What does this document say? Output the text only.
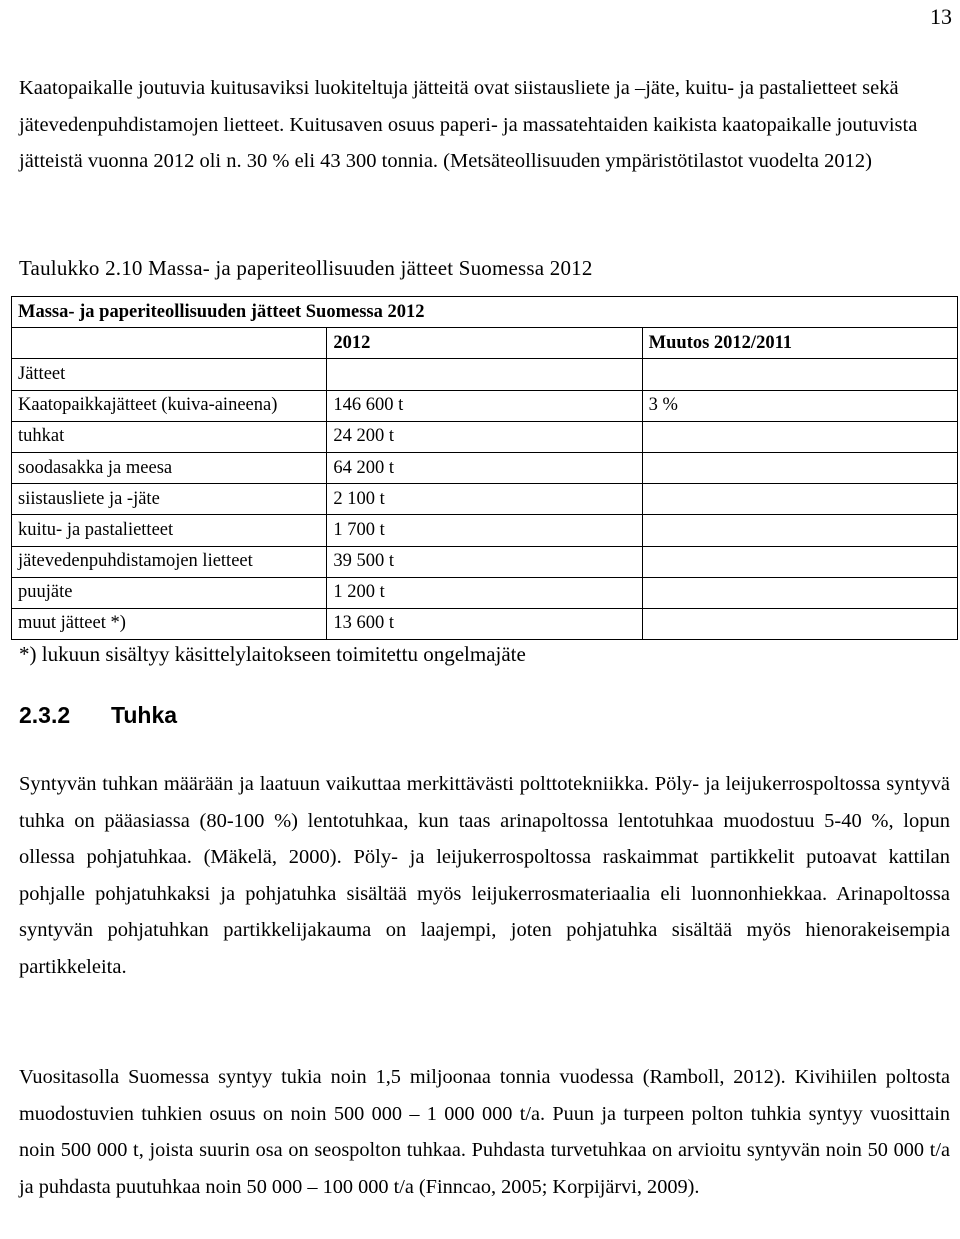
13

Kaatopaikalle joutuvia kuitusaviksi luokiteltuja jätteitä ovat siistausliete ja –jäte, kuitu- ja pastalietteet sekä jätevedenpuhdistamojen lietteet. Kuitusaven osuus paperi- ja massatehtaiden kaikista kaatopaikalle joutuvista jätteistä vuonna 2012 oli n. 30 % eli 43 300 tonnia. (Metsäteollisuuden ympäristötilastot vuodelta 2012)

Taulukko 2.10 Massa- ja paperiteollisuuden jätteet Suomessa 2012
Massa- ja paperiteollisuuden jätteet Suomessa 2012		
	2012	Muutos 2012/2011
Jätteet		
Kaatopaikkajätteet (kuiva-aineena)	146 600 t	3 %
tuhkat	24 200 t	
soodasakka ja meesa	64 200 t	
siistausliete ja -jäte	2 100 t	
kuitu- ja pastalietteet	1 700 t	
jätevedenpuhdistamojen lietteet	39 500 t	
puujäte	1 200 t	
muut jätteet *)	13 600 t	
*) lukuun sisältyy käsittelylaitokseen toimitettu ongelmajäte
2.3.2 Tuhka

Syntyvän tuhkan määrään ja laatuun vaikuttaa merkittävästi polttotekniikka. Pöly- ja leijukerrospoltossa syntyvä tuhka on pääasiassa (80-100 %) lentotuhkaa, kun taas arinapoltossa lentotuhkaa muodostuu 5-40 %, lopun ollessa pohjatuhkaa. (Mäkelä, 2000). Pöly- ja leijukerrospoltossa raskaimmat partikkelit putoavat kattilan pohjalle pohjatuhkaksi ja pohjatuhka sisältää myös leijukerrosmateriaalia eli luonnonhiekkaa. Arinapoltossa syntyvän pohjatuhkan partikkelijakauma on laajempi, joten pohjatuhka sisältää myös hienorakeisempia partikkeleita.

Vuositasolla Suomessa syntyy tukia noin 1,5 miljoonaa tonnia vuodessa (Ramboll, 2012). Kivihiilen poltosta muodostuvien tuhkien osuus on noin 500 000 – 1 000 000 t/a. Puun ja turpeen polton tuhkia syntyy vuosittain noin 500 000 t, joista suurin osa on seospolton tuhkaa. Puhdasta turvetuhkaa on arvioitu syntyvän noin 50 000 t/a ja puhdasta puutuhkaa noin 50 000 – 100 000 t/a (Finncao, 2005; Korpijärvi, 2009).
